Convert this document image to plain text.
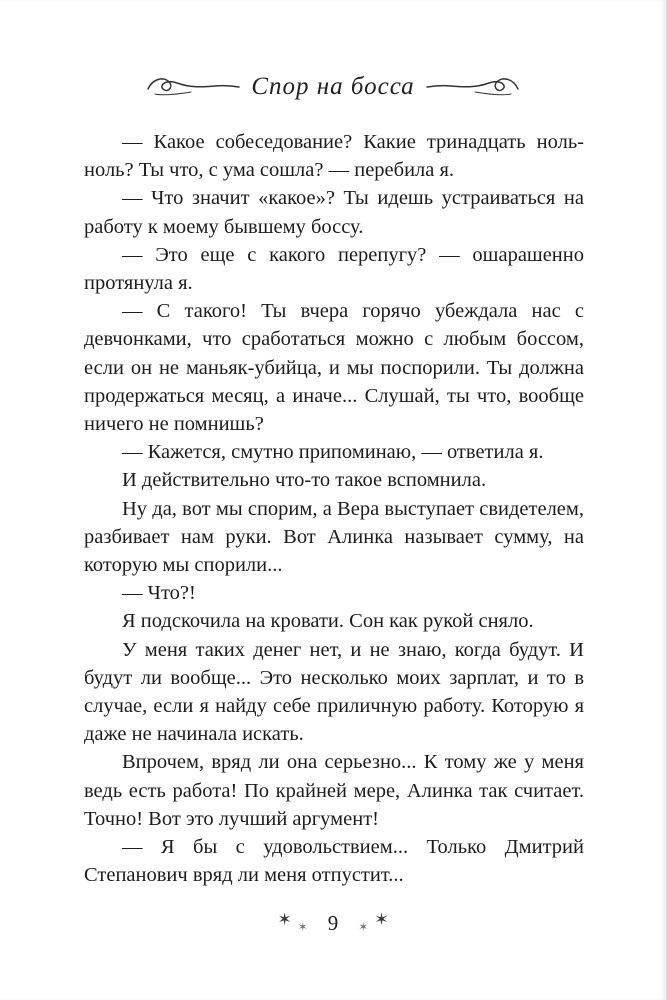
Спор на босса

— Какое собеседование? Какие тринадцать ноль-ноль? Ты что, с ума сошла? — перебила я.

— Что значит «какое»? Ты идешь устраиваться на работу к моему бывшему боссу.

— Это еще с какого перепугу? — ошарашенно протянула я.

— С такого! Ты вчера горячо убеждала нас с девчонками, что сработаться можно с любым боссом, если он не маньяк-убийца, и мы поспорили. Ты должна продержаться месяц, а иначе... Слушай, ты что, вообще ничего не помнишь?

— Кажется, смутно припоминаю, — ответила я.

И действительно что-то такое вспомнила.

Ну да, вот мы спорим, а Вера выступает свидетелем, разбивает нам руки. Вот Алинка называет сумму, на которую мы спорили...

— Что?!

Я подскочила на кровати. Сон как рукой сняло.

У меня таких денег нет, и не знаю, когда будут. И будут ли вообще... Это несколько моих зарплат, и то в случае, если я найду себе приличную работу. Которую я даже не начинала искать.

Впрочем, вряд ли она серьезно... К тому же у меня ведь есть работа! По крайней мере, Алинка так считает. Точно! Вот это лучший аргумент!

— Я бы с удовольствием... Только Дмитрий Степанович вряд ли меня отпустит...

✶ ✶ 9	✶ ✶
